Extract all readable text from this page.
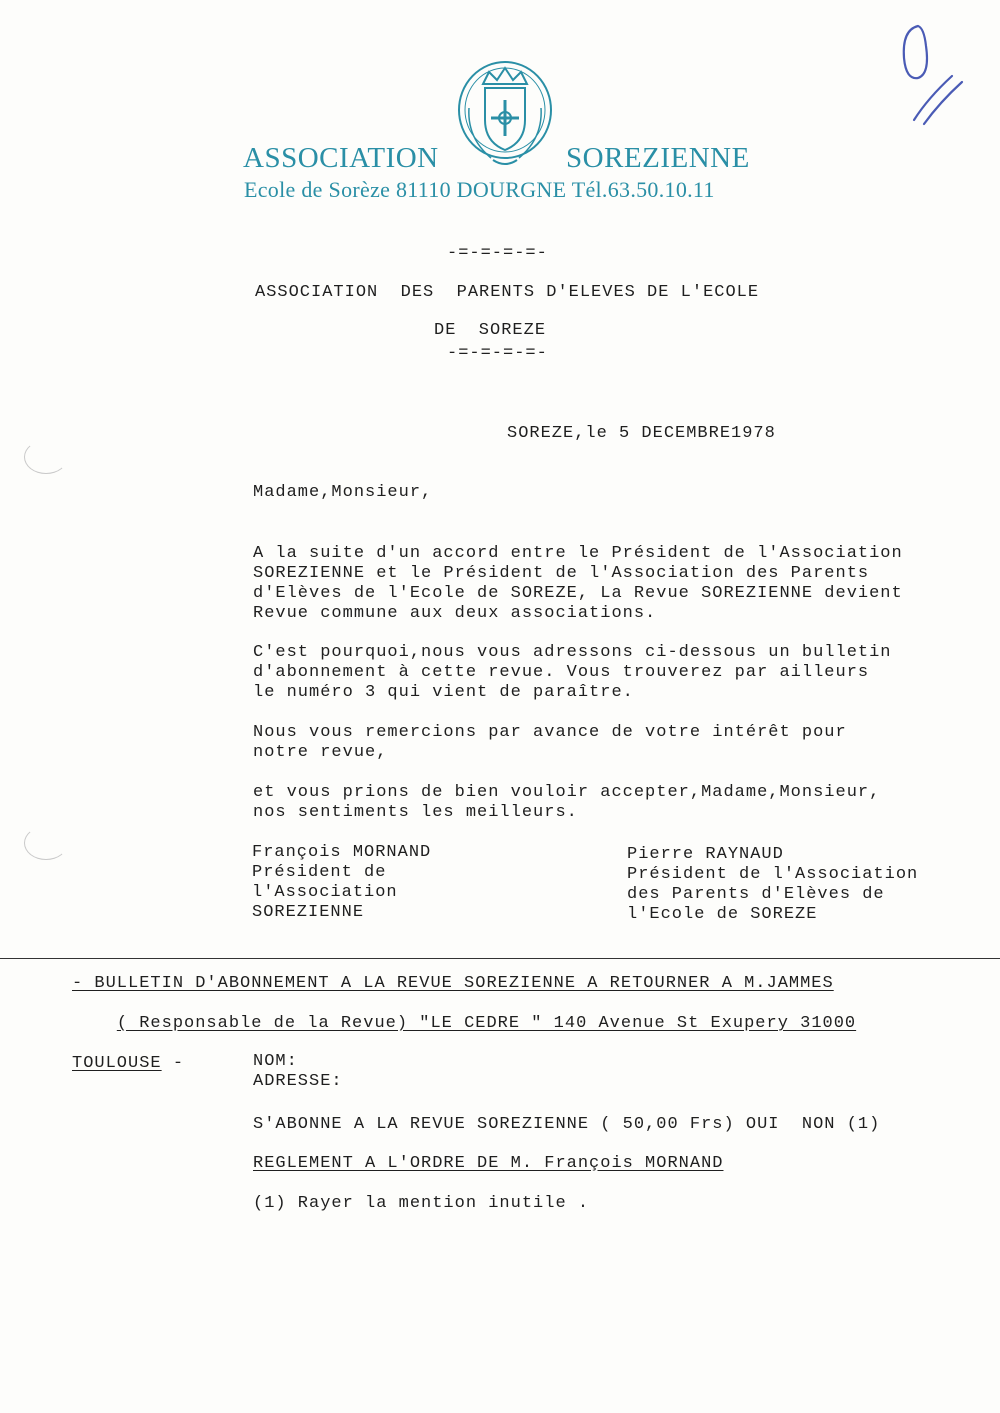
ASSOCIATION	SOREZIENNE
Ecole de Sorèze 81110 DOURGNE Tél.63.50.10.11
0 ll
-=-=-=-=-
ASSOCIATION  DES  PARENTS D'ELEVES DE L'ECOLE
DE  SOREZE
-=-=-=-=-
SOREZE,le 5 DECEMBRE1978
Madame,Monsieur,
A la suite d'un accord entre le Président de l'Association
SOREZIENNE et le Président de l'Association des Parents
d'Elèves de l'Ecole de SOREZE, La Revue SOREZIENNE devient
Revue commune aux deux associations.
C'est pourquoi,nous vous adressons ci-dessous un bulletin
d'abonnement à cette revue. Vous trouverez par ailleurs
le numéro 3 qui vient de paraître.
Nous vous remercions par avance de votre intérêt pour
notre revue,
et vous prions de bien vouloir accepter,Madame,Monsieur,
nos sentiments les meilleurs.
François MORNAND
Président de
l'Association
SOREZIENNE
Pierre RAYNAUD
Président de l'Association
des Parents d'Elèves de
l'Ecole de SOREZE
- BULLETIN D'ABONNEMENT A LA REVUE SOREZIENNE A RETOURNER A M.JAMMES

( Responsable de la Revue) "LE CEDRE " 140 Avenue St Exupery 31000

TOULOUSE -	NOM:
ADRESSE:
S'ABONNE A LA REVUE SOREZIENNE ( 50,00 Frs) OUI  NON (1)
REGLEMENT A L'ORDRE DE M. François MORNAND
(1) Rayer la mention inutile .
